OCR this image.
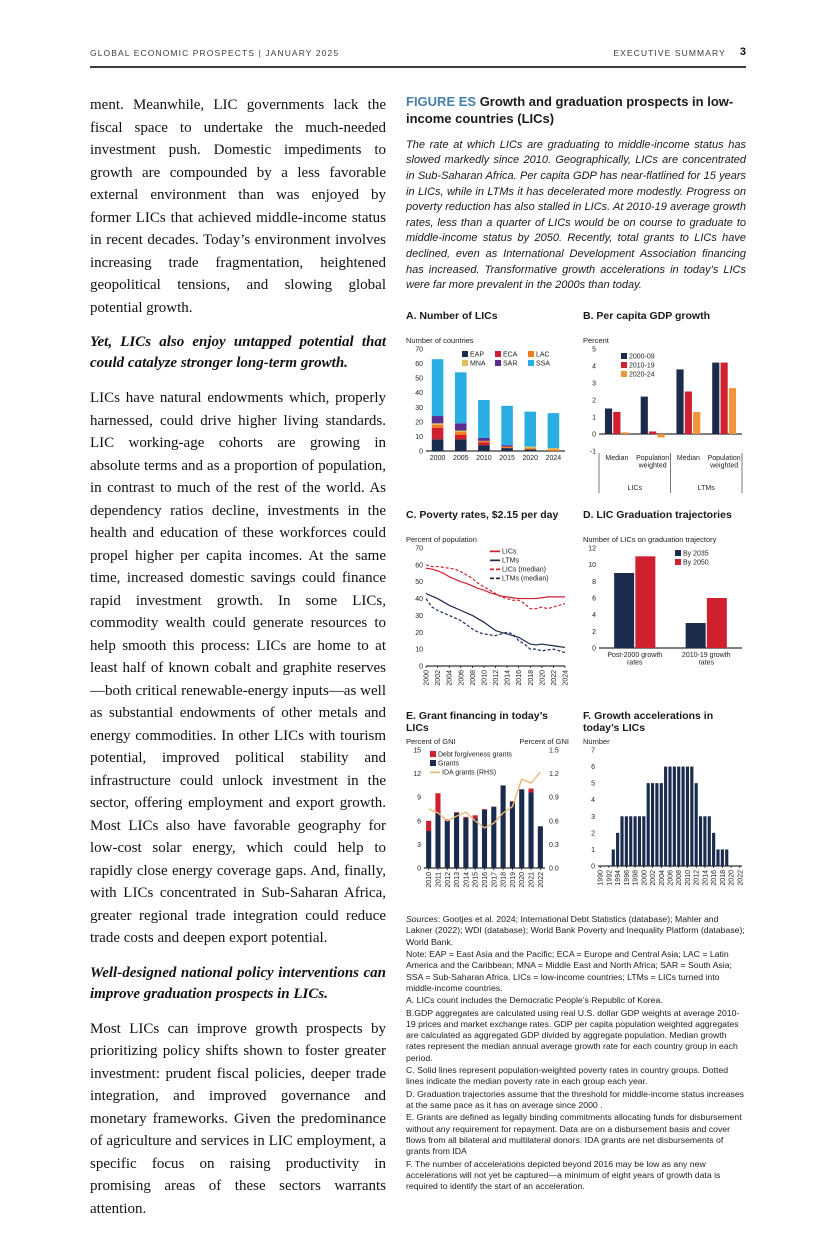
GLOBAL ECONOMIC PROSPECTS | JANUARY 2025	EXECUTIVE SUMMARY 3

ment. Meanwhile, LIC governments lack the fiscal space to undertake the much-needed investment push. Domestic impediments to growth are compounded by a less favorable external environment than was enjoyed by former LICs that achieved middle-income status in recent decades. Today’s environment involves increasing trade fragmentation, heightened geopolitical tensions, and slowing global potential growth.

Yet, LICs also enjoy untapped potential that could catalyze stronger long-term growth.

LICs have natural endowments which, properly harnessed, could drive higher living standards. LIC working-age cohorts are growing in absolute terms and as a proportion of population, in contrast to much of the rest of the world. As dependency ratios decline, investments in the health and education of these workforces could propel higher per capita incomes. At the same time, increased domestic savings could finance rapid investment growth. In some LICs, commodity wealth could generate resources to help smooth this process: LICs are home to at least half of known cobalt and graphite reserves—both critical renewable-energy inputs—as well as substantial endowments of other metals and energy commodities. In other LICs with tourism potential, improved political stability and infrastructure could unlock investment in the sector, offering employment and export growth. Most LICs also have favorable geography for low-cost solar energy, which could help to rapidly close energy coverage gaps. And, finally, with LICs concentrated in Sub-Saharan Africa, greater regional trade integration could reduce trade costs and deepen export potential.

Well-designed national policy interventions can improve graduation prospects in LICs.

Most LICs can improve growth prospects by prioritizing policy shifts shown to foster greater investment: prudent fiscal policies, deeper trade integration, and improved governance and monetary frameworks. Given the predominance of agriculture and services in LIC employment, a specific focus on raising productivity in promising areas of these sectors warrants attention.

FIGURE ES Growth and graduation prospects in low-income countries (LICs)

The rate at which LICs are graduating to middle-income status has slowed markedly since 2010. Geographically, LICs are concentrated in Sub-Saharan Africa. Per capita GDP has near-flatlined for 15 years in LICs, while in LTMs it has decelerated more modestly. Progress on poverty reduction has also stalled in LICs. At 2010-19 average growth rates, less than a quarter of LICs would be on course to graduate to middle-income status by 2050. Recently, total grants to LICs have declined, even as International Development Association financing has increased. Transformative growth accelerations in today’s LICs were far more prevalent in the 2000s than today.

A. Number of LICs
Number of countries
0
10
20
30
40
50
60
70
2000 2005 2010 2015 2020 2024
EAP	ECA	LAC
MNA SAR	SSA
B. Per capita GDP growth
Percent
-1
0
1
2
3
4
5
Median Population
weighted
Median Population
weighted
LICs	LTMs
2000-09
2010-19
2020-24
C. Poverty rates, $2.15 per day
Percent of population
0
10
20
30
40
50
60
70
2000 2002 2004 2006 2008 2010 2012 2014 2016 2018 2020 2022 2024
LICs
LTMs
LICs (median)
LTMs (median)
D. LIC Graduation trajectories
Number of LICs on graduation trajectory
0
2
4
6
8
10
12
Post-2000 growth
rates
2010-19 growth
rates
By 2035
By 2050
E. Grant financing in today’s LICs
Percent of GNI	Percent of GNI
0
3
6
9
12
15
0.0
0.3
0.6
0.9
1.2
1.5
2010 2011 2012 2013 2014 2015 2016 2017 2018 2019 2020 2021 2022
Debt forgiveness grants
Grants
IDA grants (RHS)
F. Growth accelerations in today’s LICs
Number
0
1
2
3
4
5
6
7
1990 1992 1994 1996 1998 2000 2002 2004 2006 2008 2010 2012 2014 2016 2018 2020 2022

Sources: Gootjes et al. 2024; International Debt Statistics (database); Mahler and Lakner (2022); WDI (database); World Bank Poverty and Inequality Platform (database); World Bank.

Note: EAP = East Asia and the Pacific; ECA = Europe and Central Asia; LAC = Latin America and the Caribbean; MNA = Middle East and North Africa; SAR = South Asia; SSA = Sub-Saharan Africa. LICs = low-income countries; LTMs = LICs turned into middle-income countries.

A. LICs count includes the Democratic People’s Republic of Korea.

B.GDP aggregates are calculated using real U.S. dollar GDP weights at average 2010-19 prices and market exchange rates. GDP per capita population weighted aggregates are calculated as aggregated GDP divided by aggregate population. Median growth rates represent the median annual average growth rate for each country group in each period.

C. Solid lines represent population-weighted poverty rates in country groups. Dotted lines indicate the median poverty rate in each group each year.

D. Graduation trajectories assume that the threshold for middle-income status increases at the same pace as it has on average since 2000 .

E. Grants are defined as legally binding commitments allocating funds for disbursement without any requirement for repayment. Data are on a disbursement basis and cover flows from all bilateral and multilateral donors. IDA grants are net disbursements of grants from IDA

F. The number of accelerations depicted beyond 2016 may be low as any new accelerations will not yet be captured—a minimum of eight years of growth data is required to identify the start of an acceleration.
